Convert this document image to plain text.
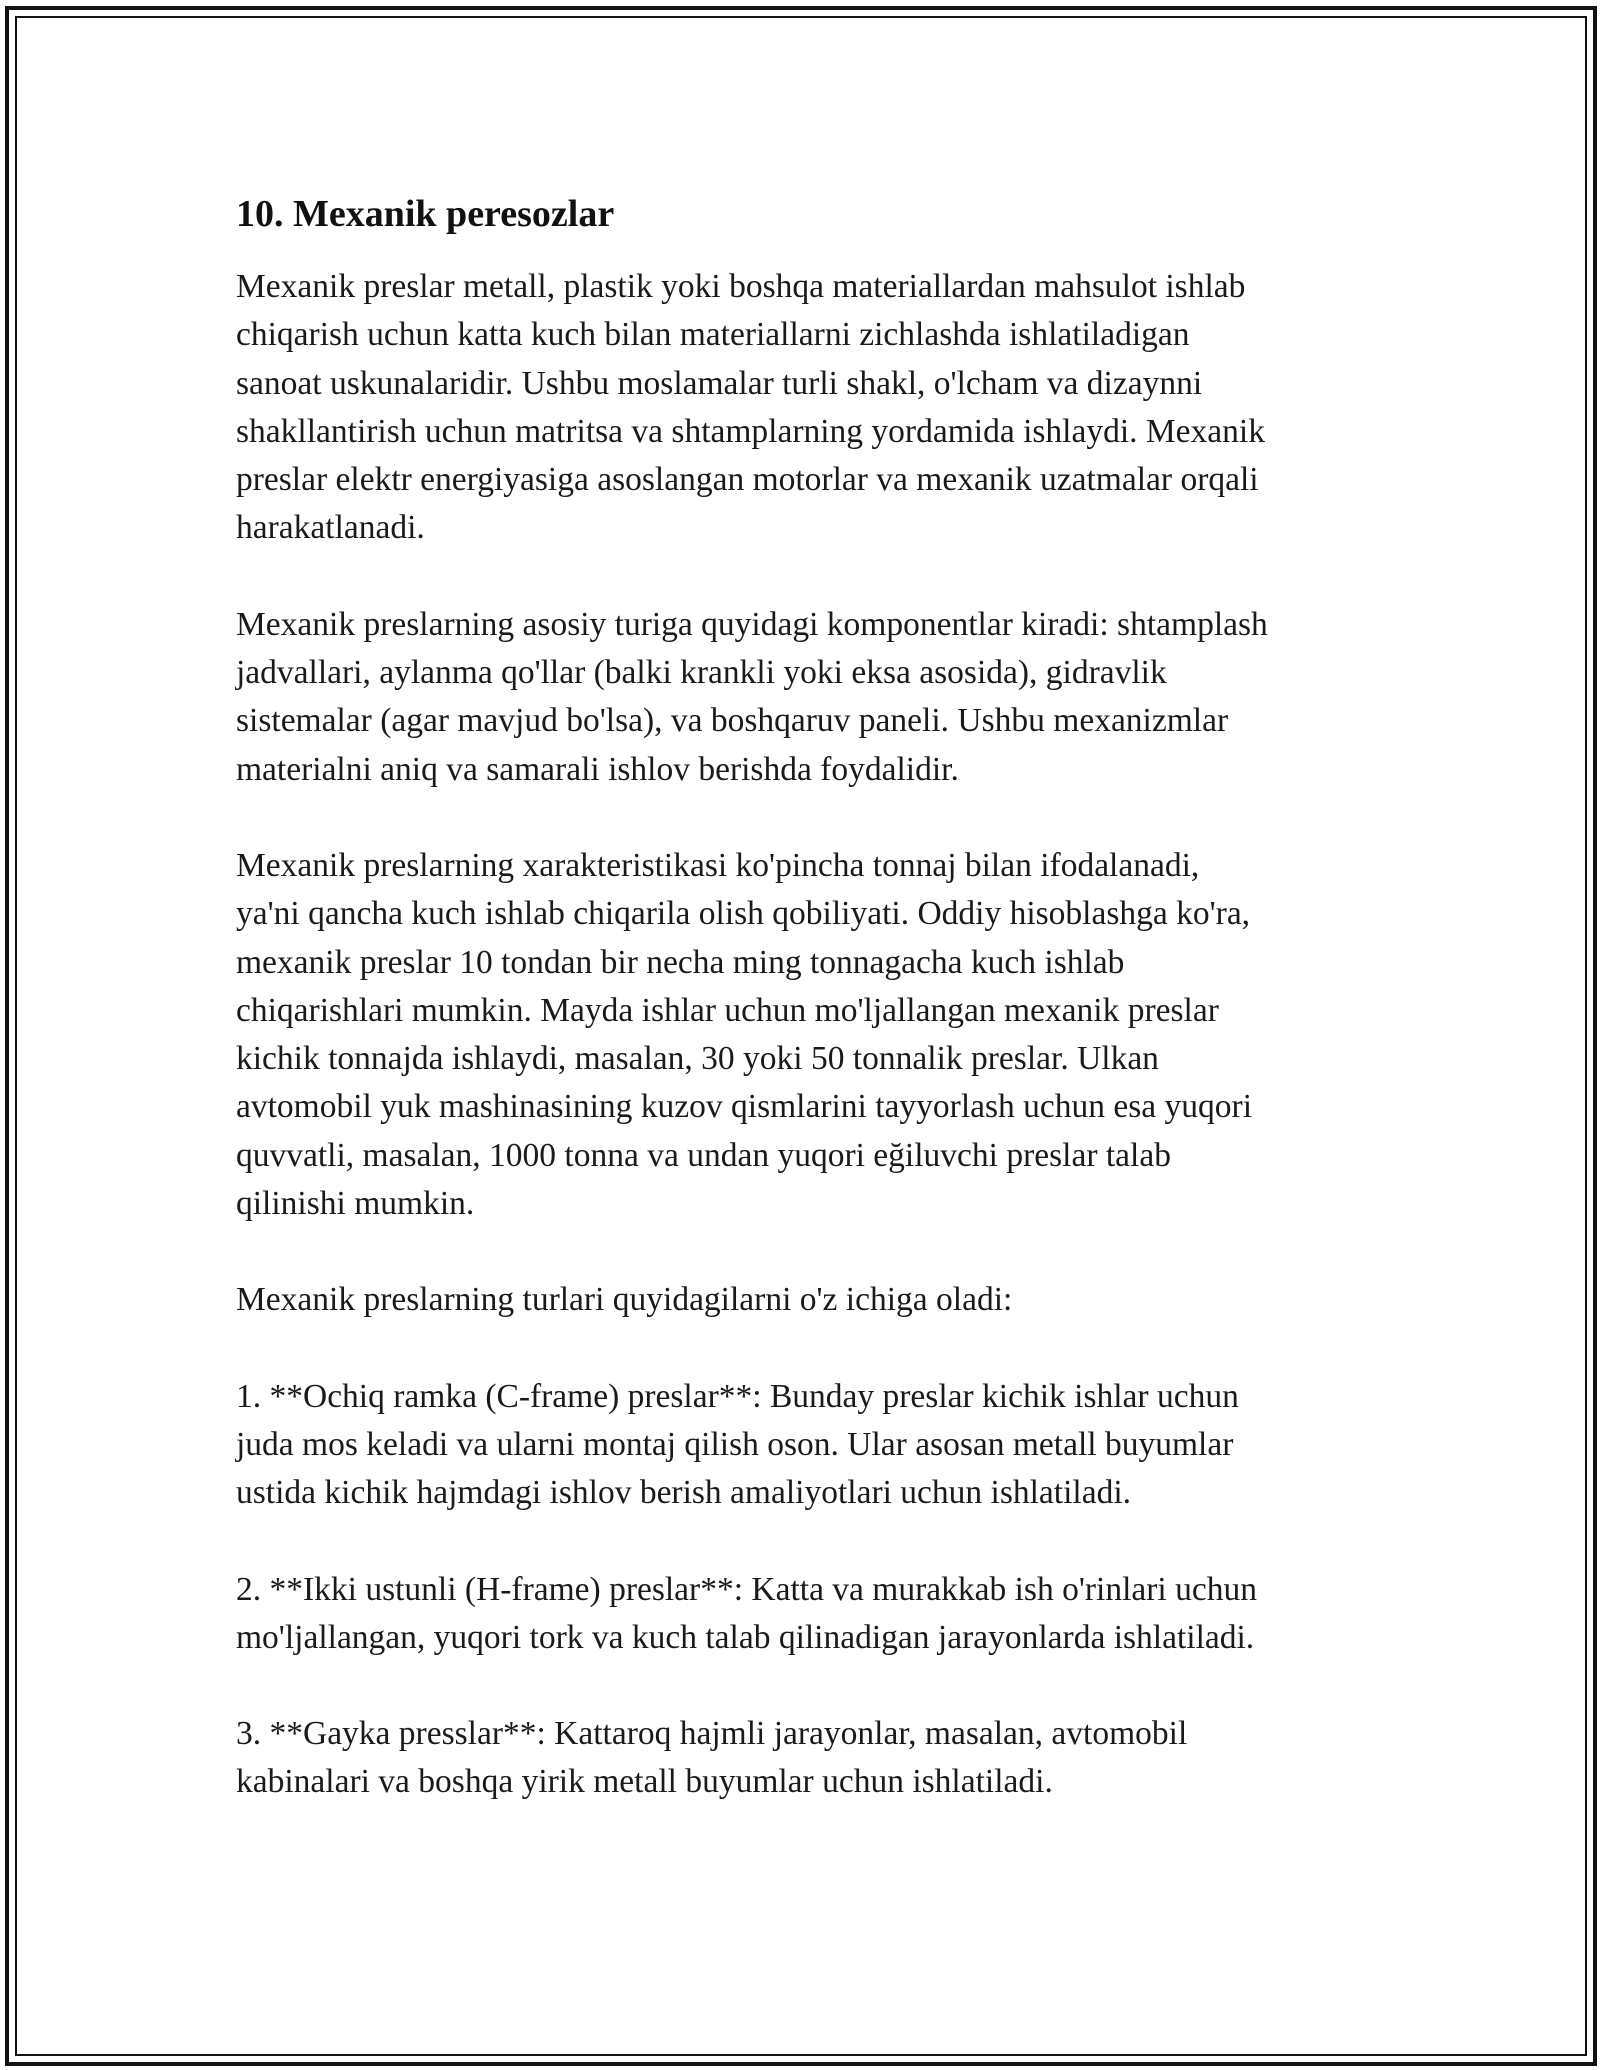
10. Mexanik peresozlar

Mexanik preslar metall, plastik yoki boshqa materiallardan mahsulot ishlab
chiqarish uchun katta kuch bilan materiallarni zichlashda ishlatiladigan
sanoat uskunalaridir. Ushbu moslamalar turli shakl, o'lcham va dizaynni
shakllantirish uchun matritsa va shtamplarning yordamida ishlaydi. Mexanik
preslar elektr energiyasiga asoslangan motorlar va mexanik uzatmalar orqali
harakatlanadi.

Mexanik preslarning asosiy turiga quyidagi komponentlar kiradi: shtamplash
jadvallari, aylanma qo'llar (balki krankli yoki eksa asosida), gidravlik
sistemalar (agar mavjud bo'lsa), va boshqaruv paneli. Ushbu mexanizmlar
materialni aniq va samarali ishlov berishda foydalidir.

Mexanik preslarning xarakteristikasi ko'pincha tonnaj bilan ifodalanadi,
ya'ni qancha kuch ishlab chiqarila olish qobiliyati. Oddiy hisoblashga ko'ra,
mexanik preslar 10 tondan bir necha ming tonnagacha kuch ishlab
chiqarishlari mumkin. Mayda ishlar uchun mo'ljallangan mexanik preslar
kichik tonnajda ishlaydi, masalan, 30 yoki 50 tonnalik preslar. Ulkan
avtomobil yuk mashinasining kuzov qismlarini tayyorlash uchun esa yuqori
quvvatli, masalan, 1000 tonna va undan yuqori eğiluvchi preslar talab
qilinishi mumkin.

Mexanik preslarning turlari quyidagilarni o'z ichiga oladi:

1. **Ochiq ramka (C-frame) preslar**: Bunday preslar kichik ishlar uchun
juda mos keladi va ularni montaj qilish oson. Ular asosan metall buyumlar
ustida kichik hajmdagi ishlov berish amaliyotlari uchun ishlatiladi.

2. **Ikki ustunli (H-frame) preslar**: Katta va murakkab ish o'rinlari uchun
mo'ljallangan, yuqori tork va kuch talab qilinadigan jarayonlarda ishlatiladi.

3. **Gayka presslar**: Kattaroq hajmli jarayonlar, masalan, avtomobil
kabinalari va boshqa yirik metall buyumlar uchun ishlatiladi.
